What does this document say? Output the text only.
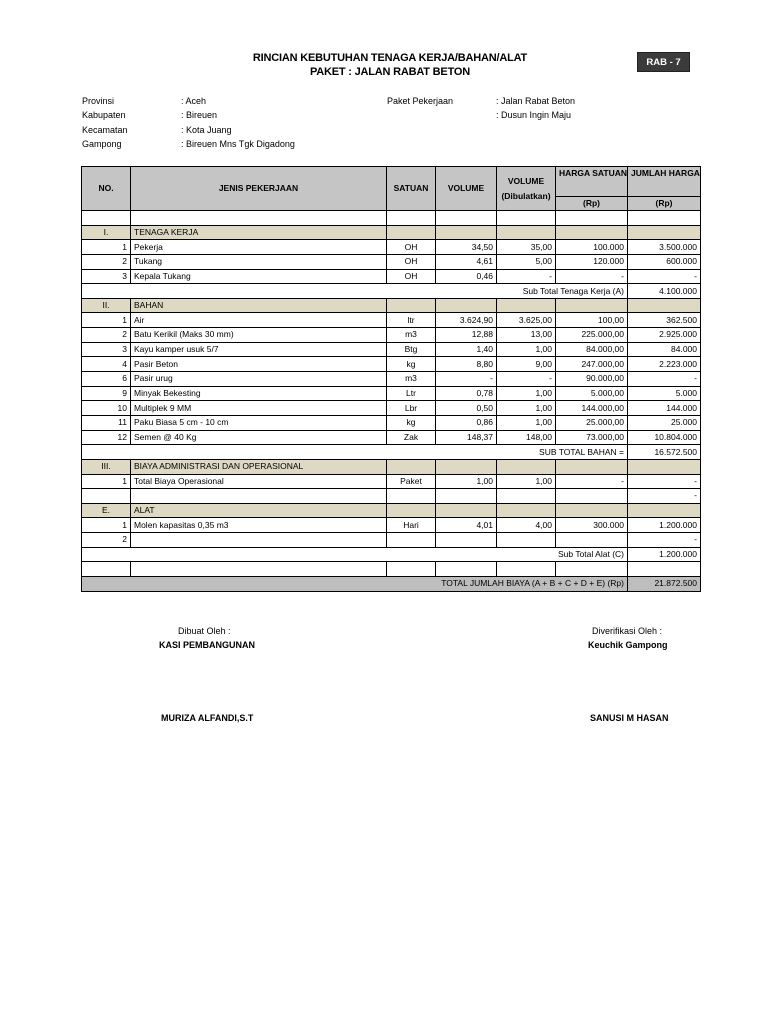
RINCIAN KEBUTUHAN TENAGA KERJA/BAHAN/ALAT
PAKET : JALAN RABAT BETON
RAB - 7
Provinsi	: Aceh
Kabupaten	: Bireuen
Kecamatan	: Kota Juang
Gampong	: Bireuen Mns Tgk Digadong
Paket Pekerjaan	: Jalan Rabat Beton
: Dusun Ingin Maju
NO.	JENIS PEKERJAAN	SATUAN	VOLUME	VOLUME (Dibulatkan)	HARGA SATUAN	JUMLAH HARGA
					(Rp)	(Rp)

I.	TENAGA KERJA					
1	Pekerja	OH	34,50	35,00	100.000	3.500.000
2	Tukang	OH	4,61	5,00	120.000	600.000
3	Kepala Tukang	OH	0,46	-	-	-
Sub Total Tenaga Kerja (A)						4.100.000
II.	BAHAN					
1	Air	ltr	3.624,90	3.625,00	100,00	362.500
2	Batu Kerikil (Maks 30 mm)	m3	12,88	13,00	225.000,00	2.925.000
3	Kayu kamper usuk 5/7	Btg	1,40	1,00	84.000,00	84.000
4	Pasir Beton	kg	8,80	9,00	247.000,00	2.223.000
6	Pasir urug	m3	-	-	90.000,00	-
9	Minyak Bekesting	Ltr	0,78	1,00	5.000,00	5.000
10	Multiplek 9 MM	Lbr	0,50	1,00	144.000,00	144.000
11	Paku Biasa 5 cm - 10 cm	kg	0,86	1,00	25.000,00	25.000
12	Semen @ 40 Kg	Zak	148,37	148,00	73.000,00	10.804.000
SUB TOTAL BAHAN =						16.572.500
III.	BIAYA ADMINISTRASI DAN OPERASIONAL					
1	Total Biaya Operasional	Paket	1,00	1,00	-	-
						-
E.	ALAT					
1	Molen kapasitas 0,35 m3	Hari	4,01	4,00	300.000	1.200.000
2						-
Sub Total Alat (C)						1.200.000

TOTAL JUMLAH BIAYA (A + B + C + D + E) (Rp)						21.872.500
Dibuat Oleh :
KASI PEMBANGUNAN
MURIZA ALFANDI,S.T
Diverifikasi Oleh :
Keuchik Gampong
SANUSI M HASAN
